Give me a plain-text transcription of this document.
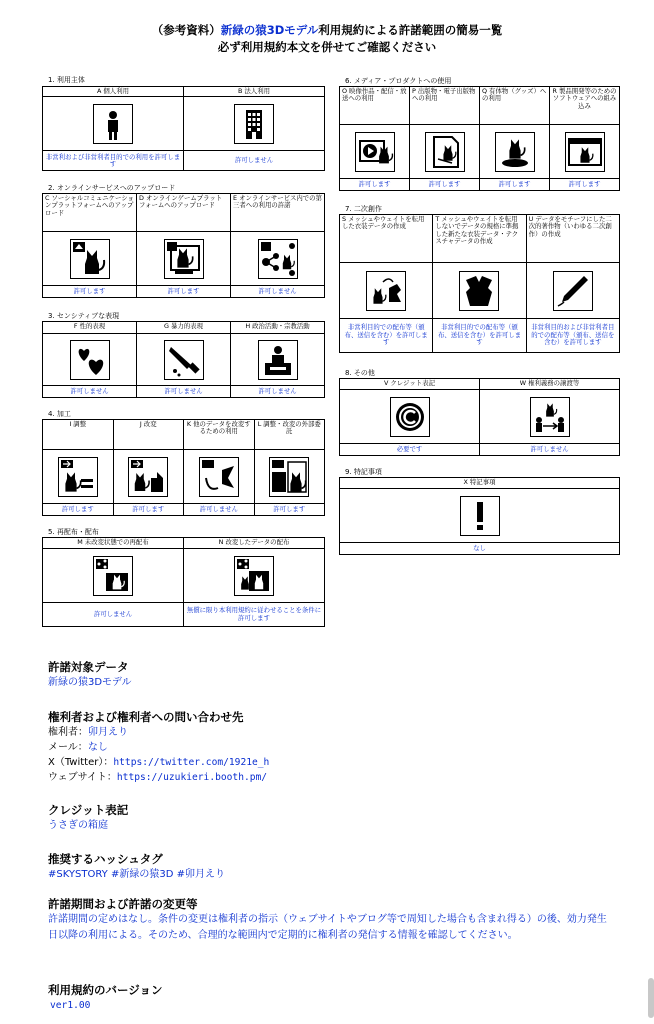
（参考資料）新緑の猿3Dモデル利用規約による許諾範囲の簡易一覧
必ず利用規約本文を併せてご確認ください
1. 利用主体
A 個人利用	B 法人利用

非営利および非営利者目的での利用を許可します	許可しません
2. オンラインサービスへのアップロード
C ソーシャルコミュニケーションプラットフォームへのアップロード	D オンラインゲームプラットフォームへのアップロード	E オンラインサービス内での第三者への利用の許諾

許可します	許可します	許可しません
3. センシティブな表現
F 性的表現	G 暴力的表現	H 政治活動・宗教活動

許可しません	許可しません	許可しません
4. 加工
I 調整	J 改変	K 他のデータを改変するための利用	L 調整・改変の外部委託

許可します	許可します	許可しません	許可します
5. 再配布・配布
M 未改変状態での再配布	N 改変したデータの配布

許可しません	無償に限り本利用規約に従わせることを条件に許可します
6. メディア・プロダクトへの使用
O 映像作品・配信・放送への利用	P 出版物・電子出版物への利用	Q 有体物（グッズ）への利用	R 製品開発等のためのソフトウェアへの組み込み

許可します	許可します	許可します	許可します
7. 二次創作
S メッシュやウェイトを転用した衣装データの作成	T メッシュやウェイトを転用しないでデータの規格に準拠した新たな衣装データ・テクスチャデータの作成	U データをモチーフにした二次的著作物（いわゆる二次創作）の作成

非営利目的での配布等（頒布、送信を含む）を許可します	非営利目的での配布等（頒布、送信を含む）を許可します	非営利目的および非営利者目的での配布等（頒布、送信を含む）を許可します
8. その他
V クレジット表記	W 権利義務の譲渡等

必要です	許可しません
9. 特記事項
X 特記事項

なし
許諾対象データ
新緑の猿3Dモデル
権利者および権利者への問い合わせ先
権利者：卯月えり
メール：なし
X（Twitter）：https://twitter.com/1921e_h
ウェブサイト：https://uzukieri.booth.pm/
クレジット表記
うさぎの箱庭
推奨するハッシュタグ
#SKYSTORY #新緑の猿3D #卯月えり
許諾期間および許諾の変更等
許諾期間の定めはなし。条件の変更は権利者の指示（ウェブサイトやブログ等で周知した場合も含まれ得る）の後、効力発生日以降の利用による。そのため、合理的な範囲内で定期的に権利者の発信する情報を確認してください。
利用規約のバージョン
ver1.00
